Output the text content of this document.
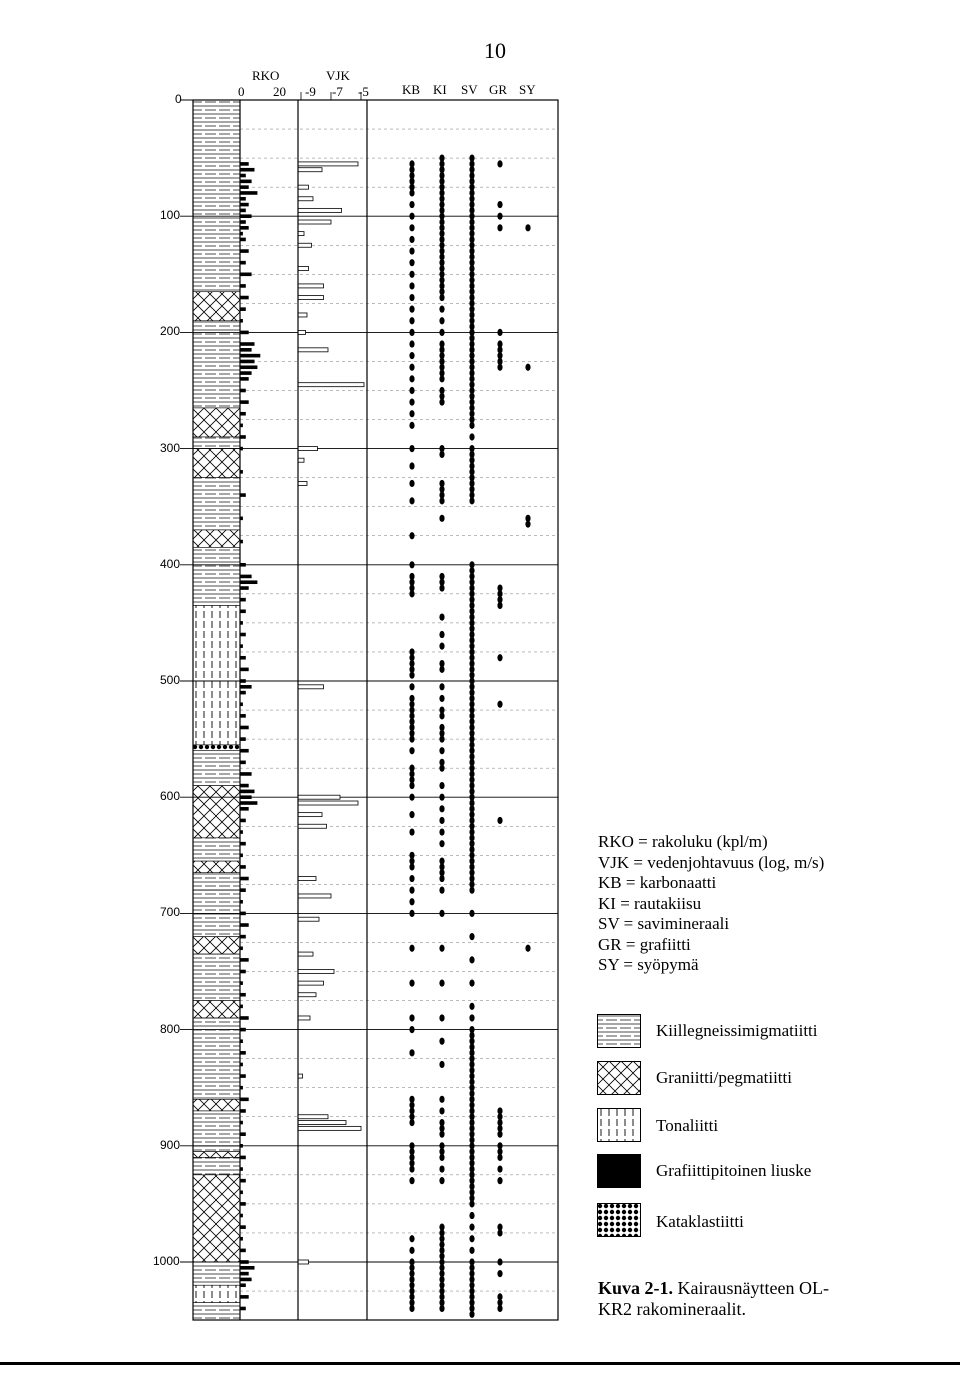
10
RKO
0 20
VJK
-9 -7 -5	KB KI SV GR SY
0
100
200
300
400
500
600
700
800
900
1000
RKO = rakoluku (kpl/m)
VJK = vedenjohtavuus (log, m/s)
KB = karbonaatti
KI = rautakiisu
SV = savimineraali
GR = grafiitti
SY = syöpymä
Kiillegneissimigmatiitti
Graniitti/pegmatiitti
Tonaliitti
Grafiittipitoinen liuske
Kataklastiitti
Kuva 2-1. Kairausnäytteen OL-
KR2 rakomineraalit.
